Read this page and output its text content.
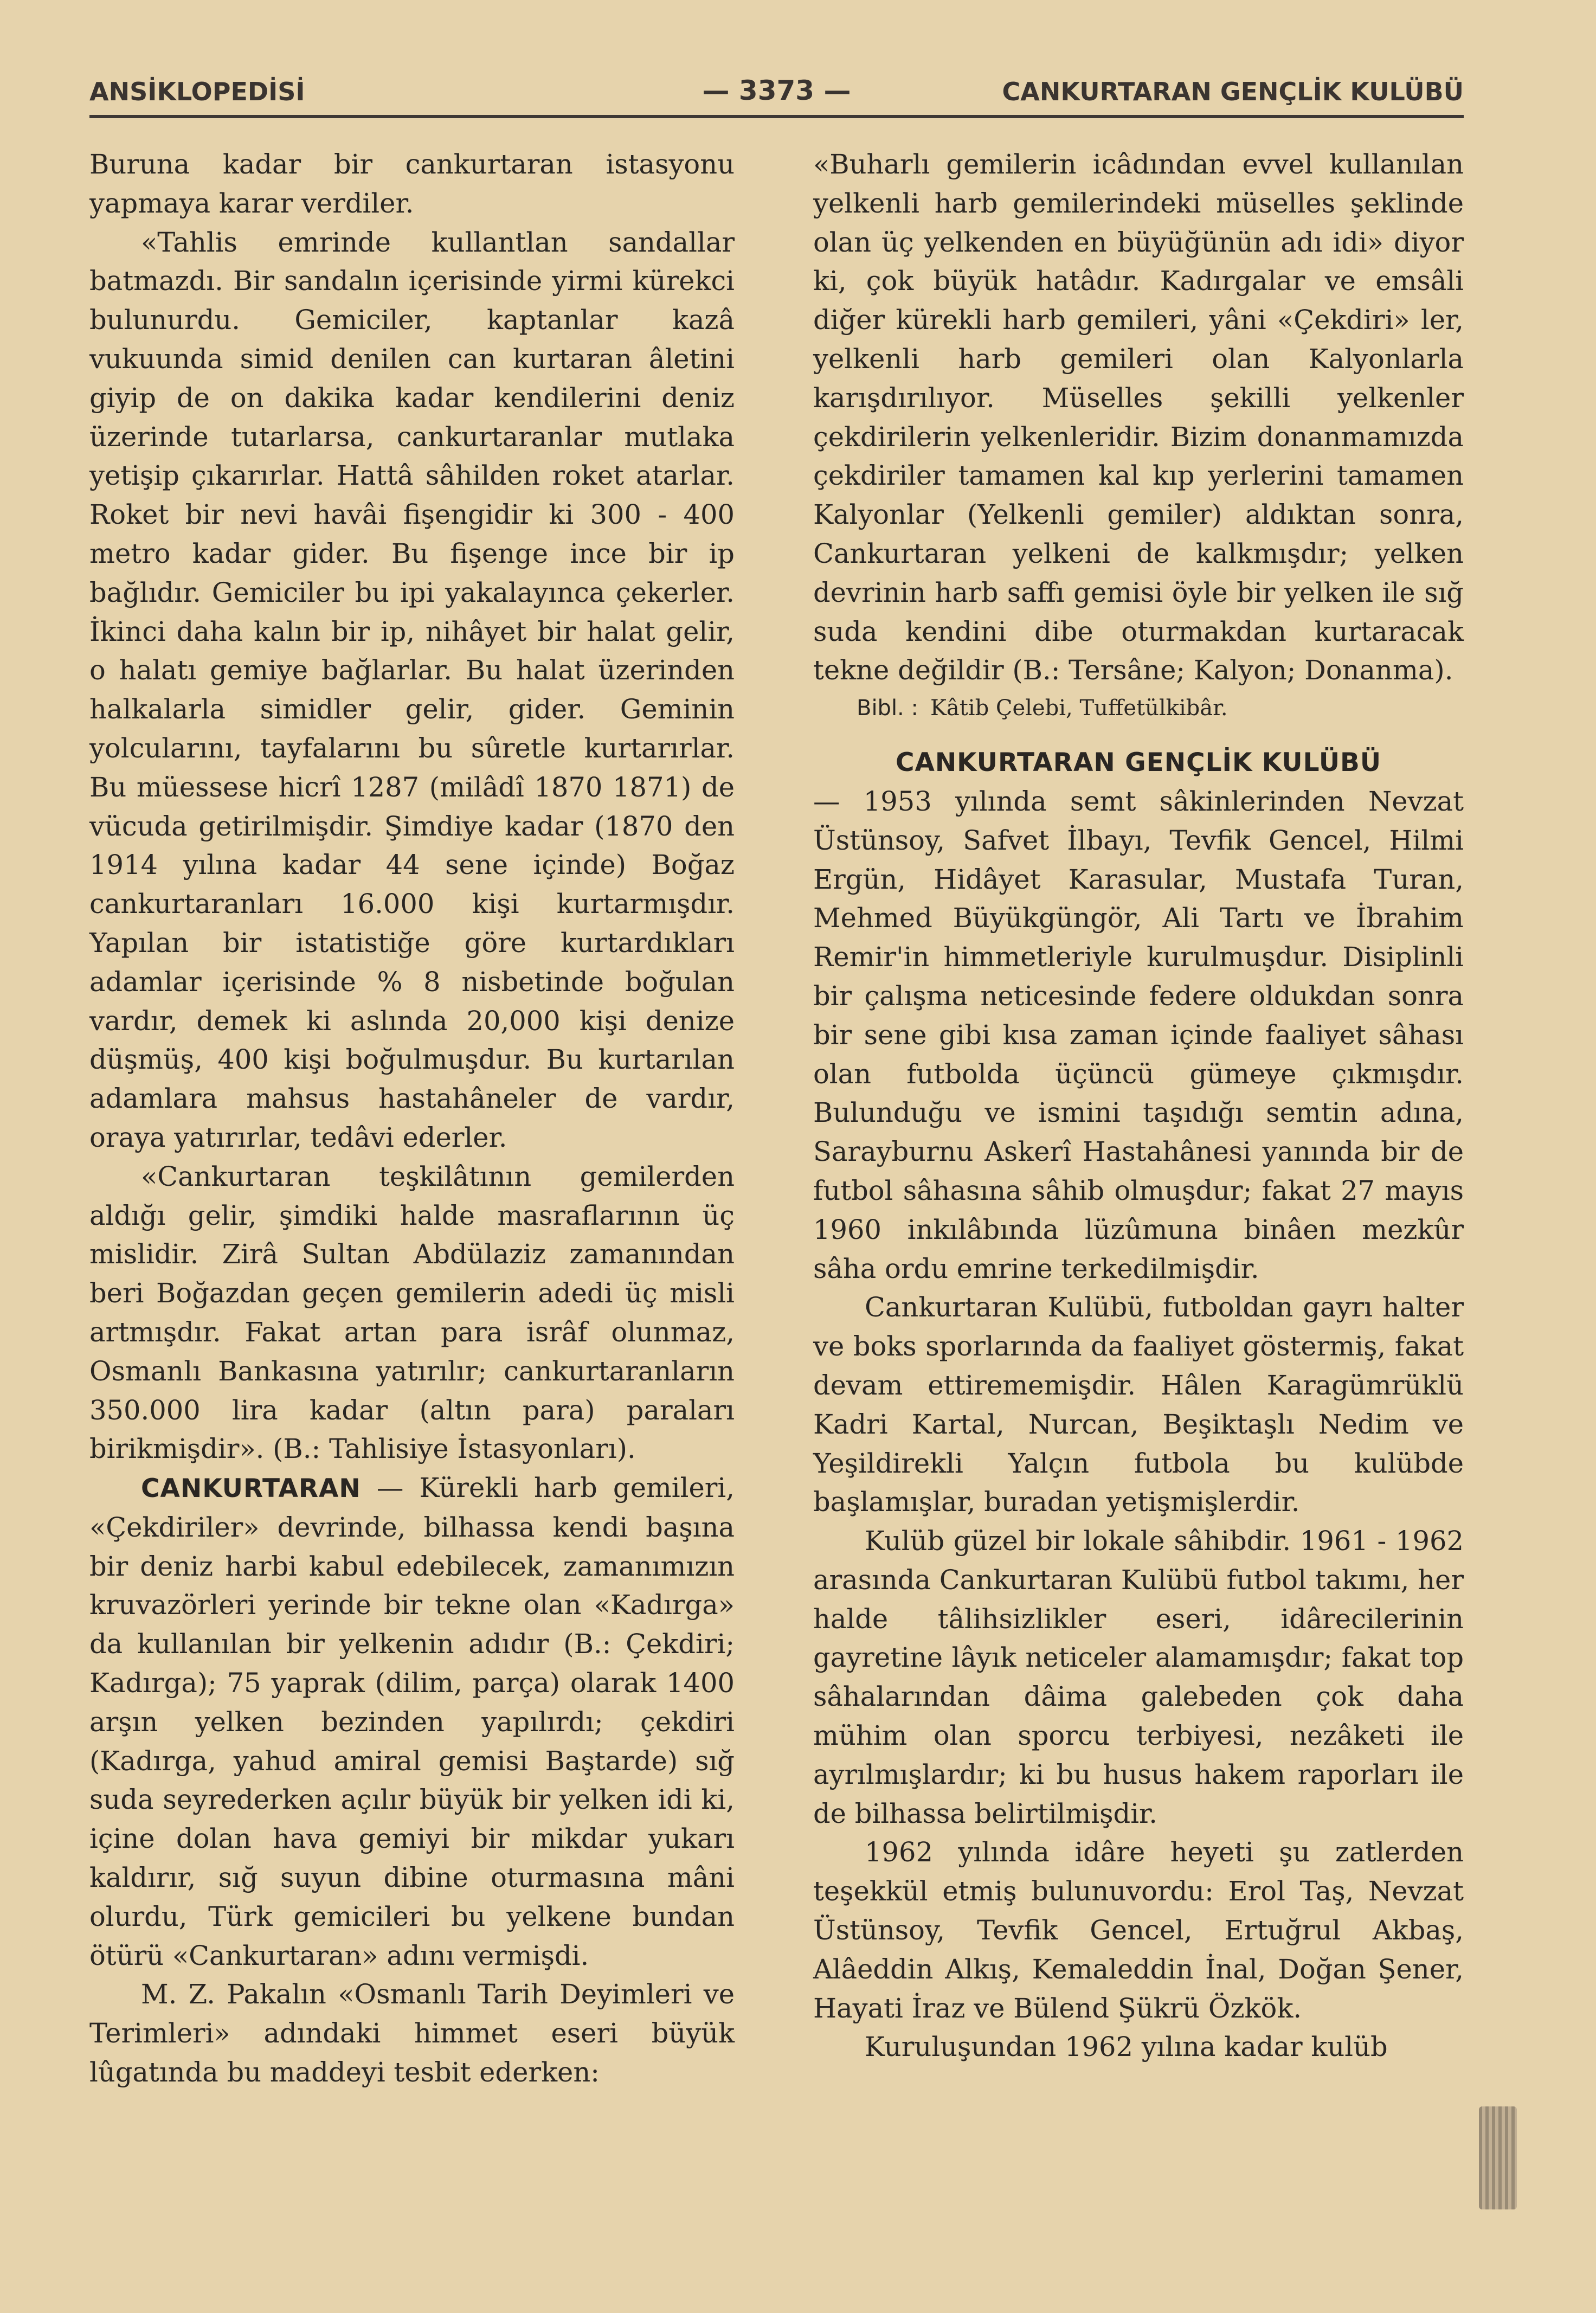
ANSİKLOPEDİSİ	— 3373 —	CANKURTARAN GENÇLİK KULÜBÜ

Buruna kadar bir cankurtaran istasyonu yapmaya karar verdiler.

«Tahlis emrinde kullantlan sandallar batmazdı. Bir sandalın içerisinde yirmi kürekci bulunurdu. Gemiciler, kaptanlar kazâ vukuunda simid denilen can kurtaran âletini giyip de on dakika kadar kendilerini deniz üzerinde tutarlarsa, cankurtaranlar mutlaka yetişip çıkarırlar. Hattâ sâhilden roket atarlar. Roket bir nevi havâi fişengidir ki 300 - 400 metro kadar gider. Bu fişenge ince bir ip bağlıdır. Gemiciler bu ipi yakalayınca çekerler. İkinci daha kalın bir ip, nihâyet bir halat gelir, o halatı gemiye bağlarlar. Bu halat üzerinden halkalarla simidler gelir, gider. Geminin yolcularını, tayfalarını bu sûretle kurtarırlar. Bu müessese hicrî 1287 (milâdî 1870 1871) de vücuda getirilmişdir. Şimdiye kadar (1870 den 1914 yılına kadar 44 sene içinde) Boğaz cankurtaranları 16.000 kişi kurtarmışdır. Yapılan bir istatistiğe göre kurtardıkları adamlar içerisinde % 8 nisbetinde boğulan vardır, demek ki aslında 20,000 kişi denize düşmüş, 400 kişi boğulmuşdur. Bu kurtarılan adamlara mahsus hastahâneler de vardır, oraya yatırırlar, tedâvi ederler.

«Cankurtaran teşkilâtının gemilerden aldığı gelir, şimdiki halde masraflarının üç mislidir. Zirâ Sultan Abdülaziz zamanından beri Boğazdan geçen gemilerin adedi üç misli artmışdır. Fakat artan para isrâf olunmaz, Osmanlı Bankasına yatırılır; cankurtaranların 350.000 lira kadar (altın para) paraları birikmişdir». (B.: Tahlisiye İstasyonları).

CANKURTARAN — Kürekli harb gemileri, «Çekdiriler» devrinde, bilhassa kendi başına bir deniz harbi kabul edebilecek, zamanımızın kruvazörleri yerinde bir tekne olan «Kadırga» da kullanılan bir yelkenin adıdır (B.: Çekdiri; Kadırga); 75 yaprak (dilim, parça) olarak 1400 arşın yelken bezinden yapılırdı; çekdiri (Kadırga, yahud amiral gemisi Baştarde) sığ suda seyrederken açılır büyük bir yelken idi ki, içine dolan hava gemiyi bir mikdar yukarı kaldırır, sığ suyun dibine oturmasına mâni olurdu, Türk gemicileri bu yelkene bundan ötürü «Cankurtaran» adını vermişdi.

M. Z. Pakalın «Osmanlı Tarih Deyimleri ve Terimleri» adındaki himmet eseri büyük lûgatında bu maddeyi tesbit ederken:

«Buharlı gemilerin icâdından evvel kullanılan yelkenli harb gemilerindeki müselles şeklinde olan üç yelkenden en büyüğünün adı idi» diyor ki, çok büyük hatâdır. Kadırgalar ve emsâli diğer kürekli harb gemileri, yâni «Çekdiri» ler, yelkenli harb gemileri olan Kalyonlarla karışdırılıyor. Müselles şekilli yelkenler çekdirilerin yelkenleridir. Bizim donanmamızda çekdiriler tamamen kal kıp yerlerini tamamen Kalyonlar (Yelkenli gemiler) aldıktan sonra, Cankurtaran yelkeni de kalkmışdır; yelken devrinin harb saffı gemisi öyle bir yelken ile sığ suda kendini dibe oturmakdan kurtaracak tekne değildir (B.: Tersâne; Kalyon; Donanma).

Bibl. : Kâtib Çelebi, Tuffetülkibâr.

CANKURTARAN GENÇLİK KULÜBÜ

— 1953 yılında semt sâkinlerinden Nevzat Üstünsoy, Safvet İlbayı, Tevfik Gencel, Hilmi Ergün, Hidâyet Karasular, Mustafa Turan, Mehmed Büyükgüngör, Ali Tartı ve İbrahim Remir'in himmetleriyle kurulmuşdur. Disiplinli bir çalışma neticesinde federe oldukdan sonra bir sene gibi kısa zaman içinde faaliyet sâhası olan futbolda üçüncü gümeye çıkmışdır. Bulunduğu ve ismini taşıdığı semtin adına, Sarayburnu Askerî Hastahânesi yanında bir de futbol sâhasına sâhib olmuşdur; fakat 27 mayıs 1960 inkılâbında lüzûmuna binâen mezkûr sâha ordu emrine terkedilmişdir.

Cankurtaran Kulübü, futboldan gayrı halter ve boks sporlarında da faaliyet göstermiş, fakat devam ettirememişdir. Hâlen Karagümrüklü Kadri Kartal, Nurcan, Beşiktaşlı Nedim ve Yeşildirekli Yalçın futbola bu kulübde başlamışlar, buradan yetişmişlerdir.

Kulüb güzel bir lokale sâhibdir. 1961 - 1962 arasında Cankurtaran Kulübü futbol takımı, her halde tâlihsizlikler eseri, idârecilerinin gayretine lâyık neticeler alamamışdır; fakat top sâhalarından dâima galebeden çok daha mühim olan sporcu terbiyesi, nezâketi ile ayrılmışlardır; ki bu husus hakem raporları ile de bilhassa belirtilmişdir.

1962 yılında idâre heyeti şu zatlerden teşekkül etmiş bulunuvordu: Erol Taş, Nevzat Üstünsoy, Tevfik Gencel, Ertuğrul Akbaş, Alâeddin Alkış, Kemaleddin İnal, Doğan Şener, Hayati İraz ve Bülend Şükrü Özkök.

Kuruluşundan 1962 yılına kadar kulüb
